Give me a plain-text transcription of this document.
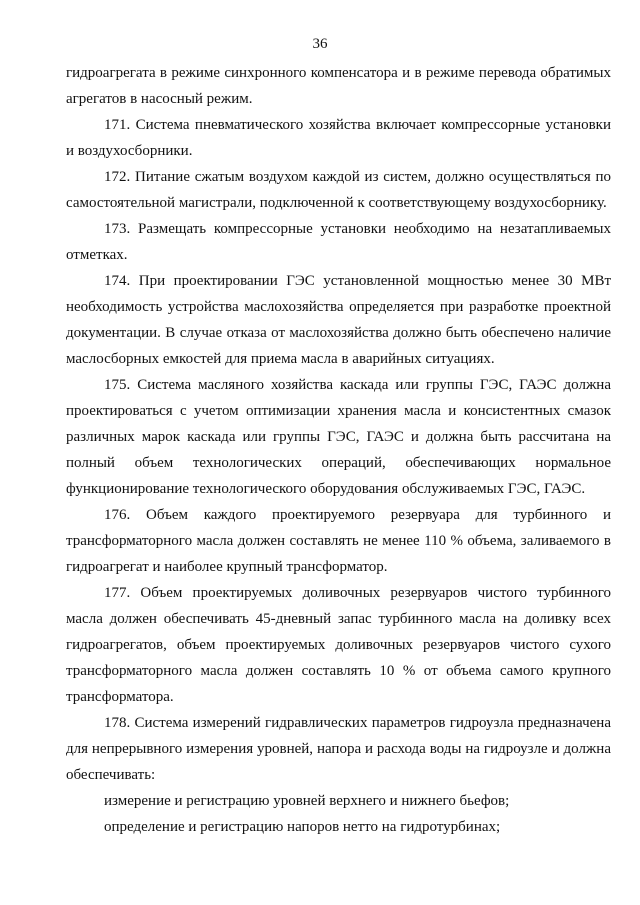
36

гидроагрегата в режиме синхронного компенсатора и в режиме перевода обратимых агрегатов в насосный режим.

171. Система пневматического хозяйства включает компрессорные установки и воздухосборники.

172. Питание сжатым воздухом каждой из систем, должно осуществляться по самостоятельной магистрали, подключенной к соответствующему воздухосборнику.

173. Размещать компрессорные установки необходимо на незатапливаемых отметках.

174. При проектировании ГЭС установленной мощностью менее 30 МВт необходимость устройства маслохозяйства определяется при разработке проектной документации. В случае отказа от маслохозяйства должно быть обеспечено наличие маслосборных емкостей для приема масла в аварийных ситуациях.

175. Система масляного хозяйства каскада или группы ГЭС, ГАЭС должна проектироваться с учетом оптимизации хранения масла и консистентных смазок различных марок каскада или группы ГЭС, ГАЭС и должна быть рассчитана на полный объем технологических операций, обеспечивающих нормальное функционирование технологического оборудования обслуживаемых ГЭС, ГАЭС.

176. Объем каждого проектируемого резервуара для турбинного и трансформаторного масла должен составлять не менее 110 % объема, заливаемого в гидроагрегат и наиболее крупный трансформатор.

177. Объем проектируемых доливочных резервуаров чистого турбинного масла должен обеспечивать 45-дневный запас турбинного масла на доливку всех гидроагрегатов, объем проектируемых доливочных резервуаров чистого сухого трансформаторного масла должен составлять 10 % от объема самого крупного трансформатора.

178. Система измерений гидравлических параметров гидроузла предназначена для непрерывного измерения уровней, напора и расхода воды на гидроузле и должна обеспечивать:

измерение и регистрацию уровней верхнего и нижнего бьефов;

определение и регистрацию напоров нетто на гидротурбинах;
